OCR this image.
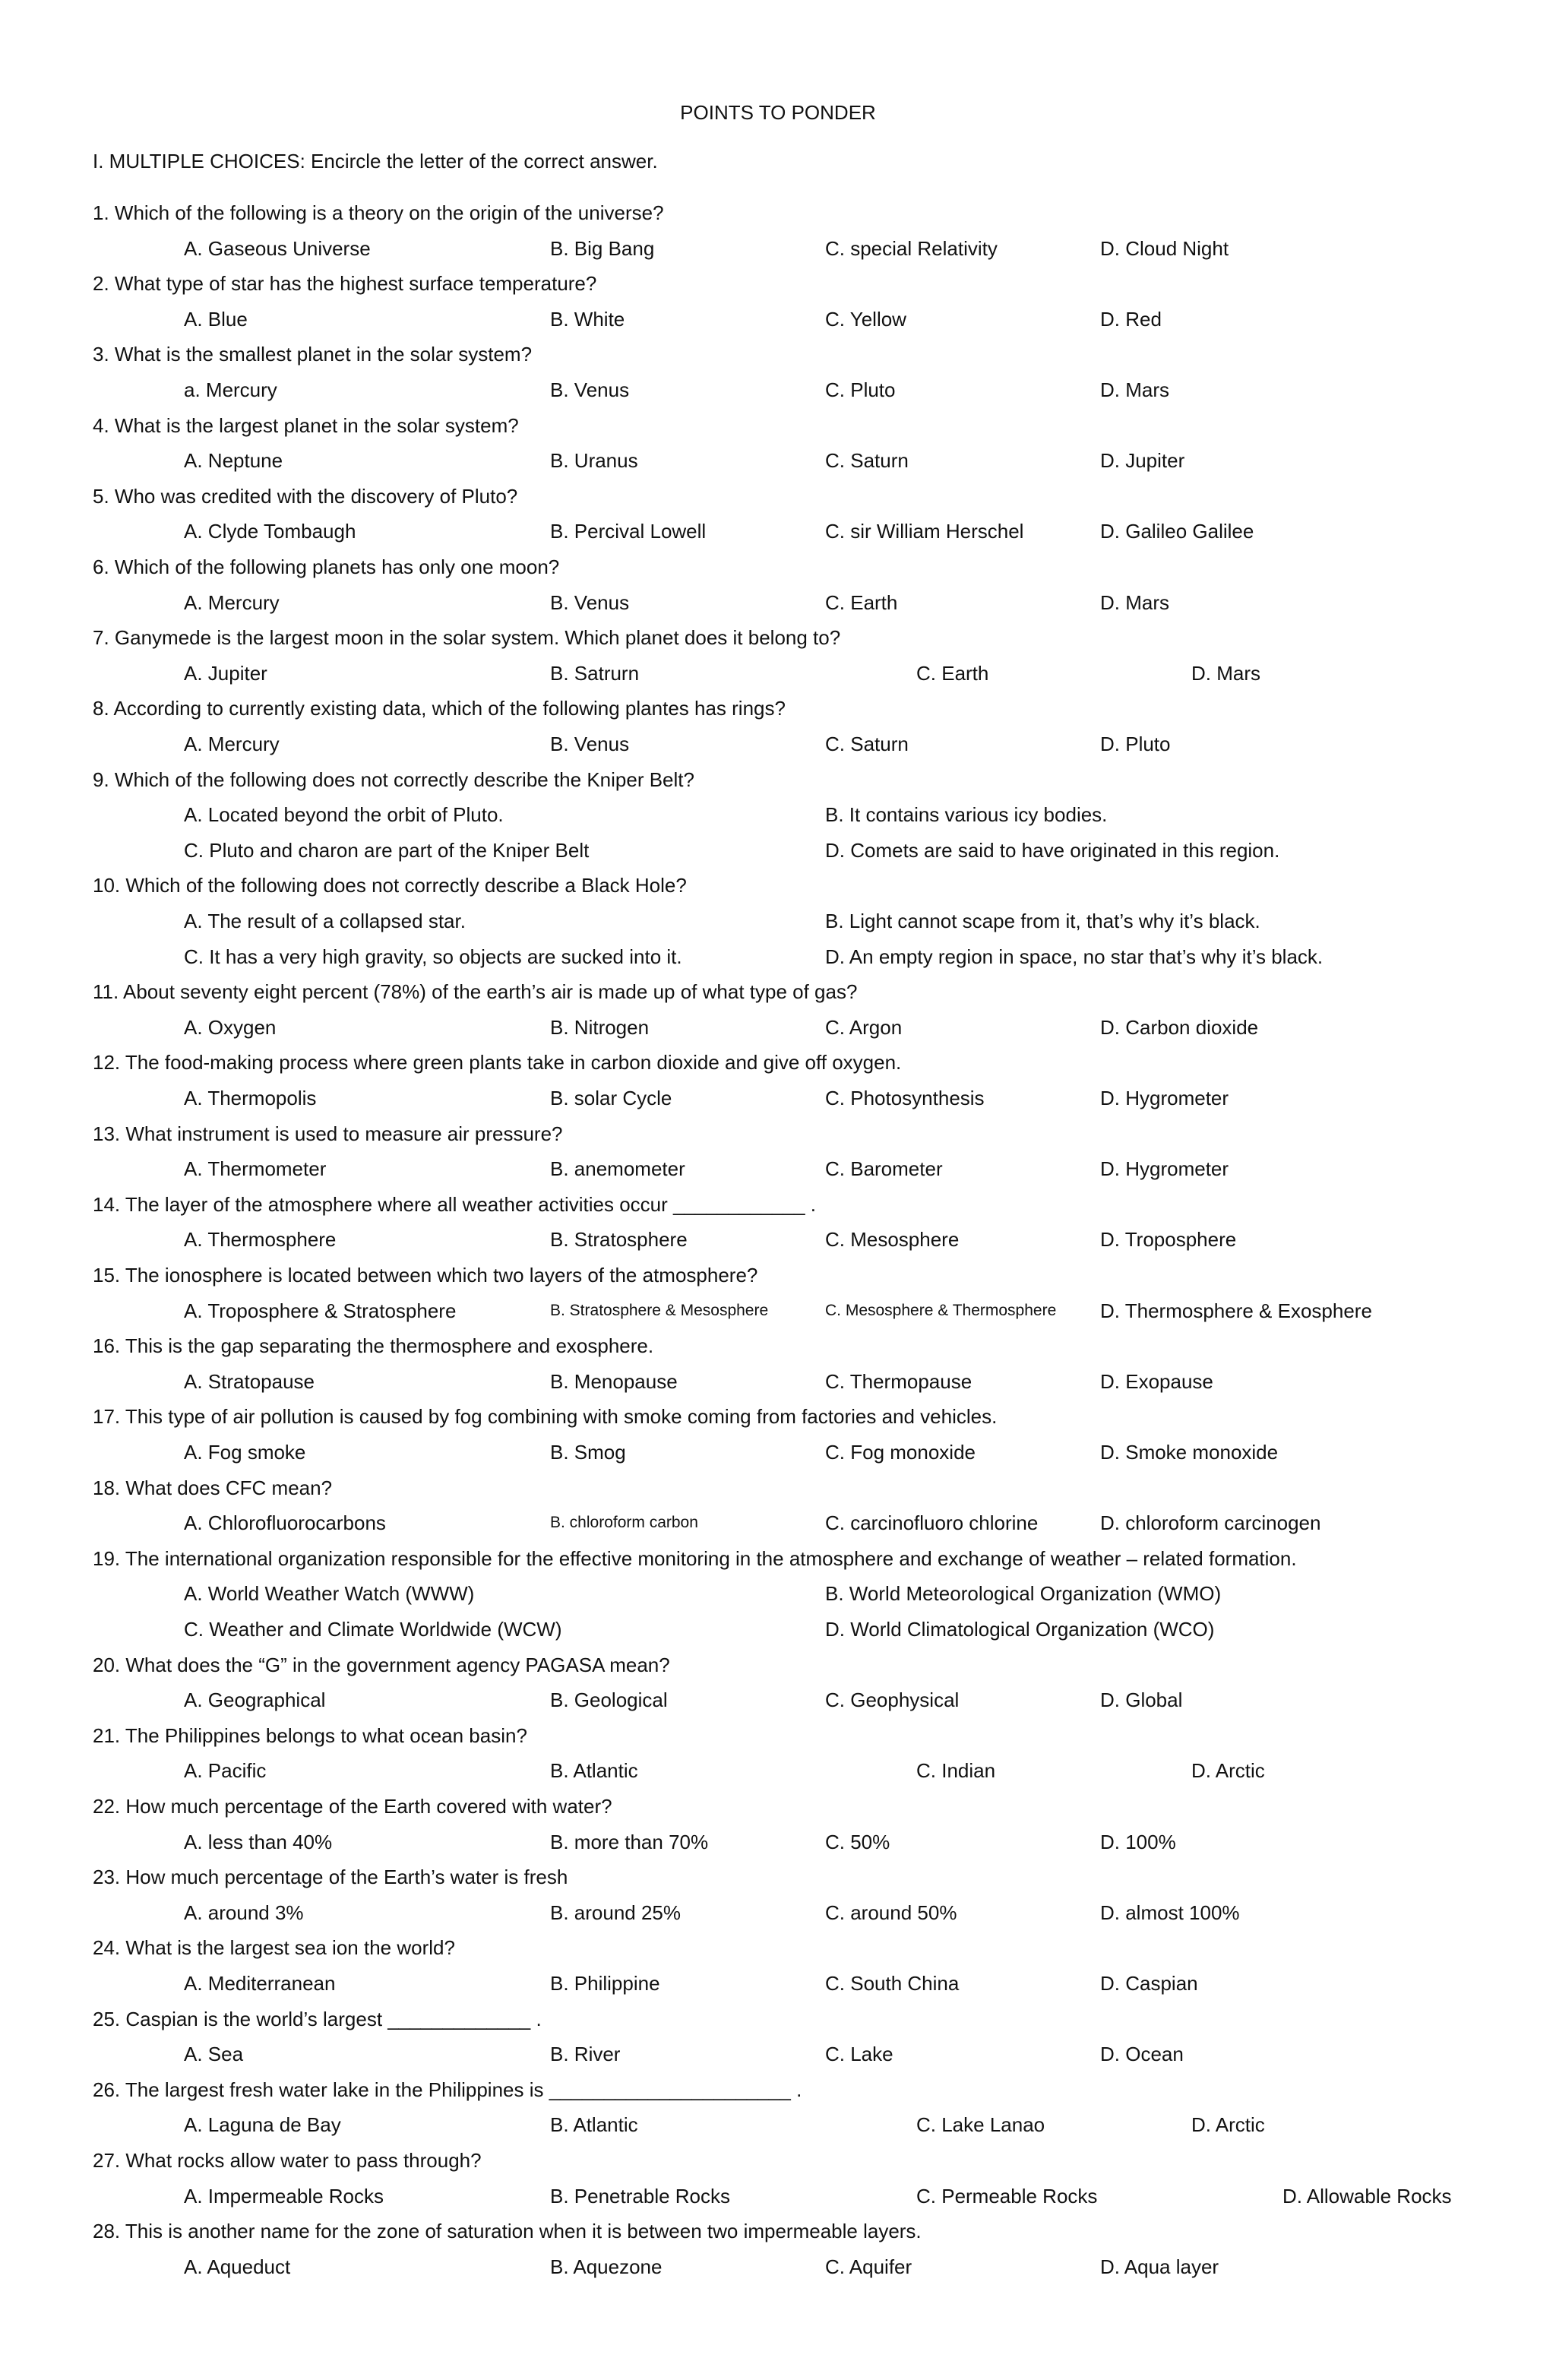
POINTS TO PONDER
I. MULTIPLE CHOICES: Encircle the letter of the correct answer.
1. Which of the following is a theory on the origin of the universe?
A. Gaseous Universe	B. Big Bang	C. special Relativity	D. Cloud Night
2. What type of star has the highest surface temperature?
A. Blue	B. White	C. Yellow	D. Red
3. What is the smallest planet in the solar system?
a. Mercury	B. Venus	C. Pluto	D. Mars
4. What is the largest planet in the solar system?
A. Neptune	B. Uranus	C. Saturn	D. Jupiter
5. Who was credited with the discovery of Pluto?
A. Clyde Tombaugh	B. Percival Lowell	C. sir William Herschel	D. Galileo Galilee
6. Which of the following planets has only one moon?
A. Mercury	B. Venus	C. Earth	D. Mars
7. Ganymede is the largest moon in the solar system. Which planet does it belong to?
A. Jupiter	B. Satrurn	C. Earth	D. Mars
8. According to currently existing data, which of the following plantes has rings?
A. Mercury	B. Venus	C. Saturn	D. Pluto
9. Which of the following does not correctly describe the Kniper Belt?
A. Located beyond the orbit of Pluto.	B. It contains various icy bodies.
C. Pluto and charon are part of the Kniper Belt	D. Comets are said to have originated in this region.
10. Which of the following does not correctly describe a Black Hole?
A. The result of a collapsed star.	B. Light cannot scape from it, that’s why it’s black.
C. It has a very high gravity, so objects are sucked into it.	D. An empty region in space, no star that’s why it’s black.
11. About seventy eight percent (78%) of the earth’s air is made up of what type of gas?
A. Oxygen	B. Nitrogen	C. Argon	D. Carbon dioxide
12. The food-making process where green plants take in carbon dioxide and give off oxygen.
A. Thermopolis	B. solar Cycle	C. Photosynthesis	D. Hygrometer
13. What instrument is used to measure air pressure?
A. Thermometer	B. anemometer	C. Barometer	D. Hygrometer
14. The layer of the atmosphere where all weather activities occur ____________ .
A. Thermosphere	B. Stratosphere	C. Mesosphere	D. Troposphere
15. The ionosphere is located between which two layers of the atmosphere?
A. Troposphere & Stratosphere	B. Stratosphere & Mesosphere	C. Mesosphere & Thermosphere D. Thermosphere & Exosphere
16. This is the gap separating the thermosphere and exosphere.
A. Stratopause	B. Menopause	C. Thermopause	D. Exopause
17. This type of air pollution is caused by fog combining with smoke coming from factories and vehicles.
A. Fog smoke	B. Smog	C. Fog monoxide	D. Smoke monoxide
18. What does CFC mean?
A. Chlorofluorocarbons	B. chloroform carbon	C. carcinofluoro chlorine	D. chloroform carcinogen
19. The international organization responsible for the effective monitoring in the atmosphere and exchange of weather – related formation.
A. World Weather Watch (WWW)	B. World Meteorological Organization (WMO)
C. Weather and Climate Worldwide (WCW)	D. World Climatological Organization (WCO)
20. What does the “G” in the government agency PAGASA mean?
A. Geographical	B. Geological	C. Geophysical	D. Global
21. The Philippines belongs to what ocean basin?
A. Pacific	B. Atlantic	C. Indian	D. Arctic
22. How much percentage of the Earth covered with water?
A. less than 40%	B. more than 70%	C. 50%	D. 100%
23. How much percentage of the Earth’s water is fresh
A. around 3%	B. around 25%	C. around 50%	D. almost 100%
24. What is the largest sea ion the world?
A. Mediterranean	B. Philippine	C. South China	D. Caspian
25. Caspian is the world’s largest _____________ .
A. Sea	B. River	C. Lake	D. Ocean
26. The largest fresh water lake in the Philippines is ______________________ .
A. Laguna de Bay	B. Atlantic	C. Lake Lanao	D. Arctic
27. What rocks allow water to pass through?
A. Impermeable Rocks	B. Penetrable Rocks	C. Permeable Rocks	D. Allowable Rocks
28. This is another name for the zone of saturation when it is between two impermeable layers.
A. Aqueduct	B. Aquezone	C. Aquifer	D. Aqua layer
